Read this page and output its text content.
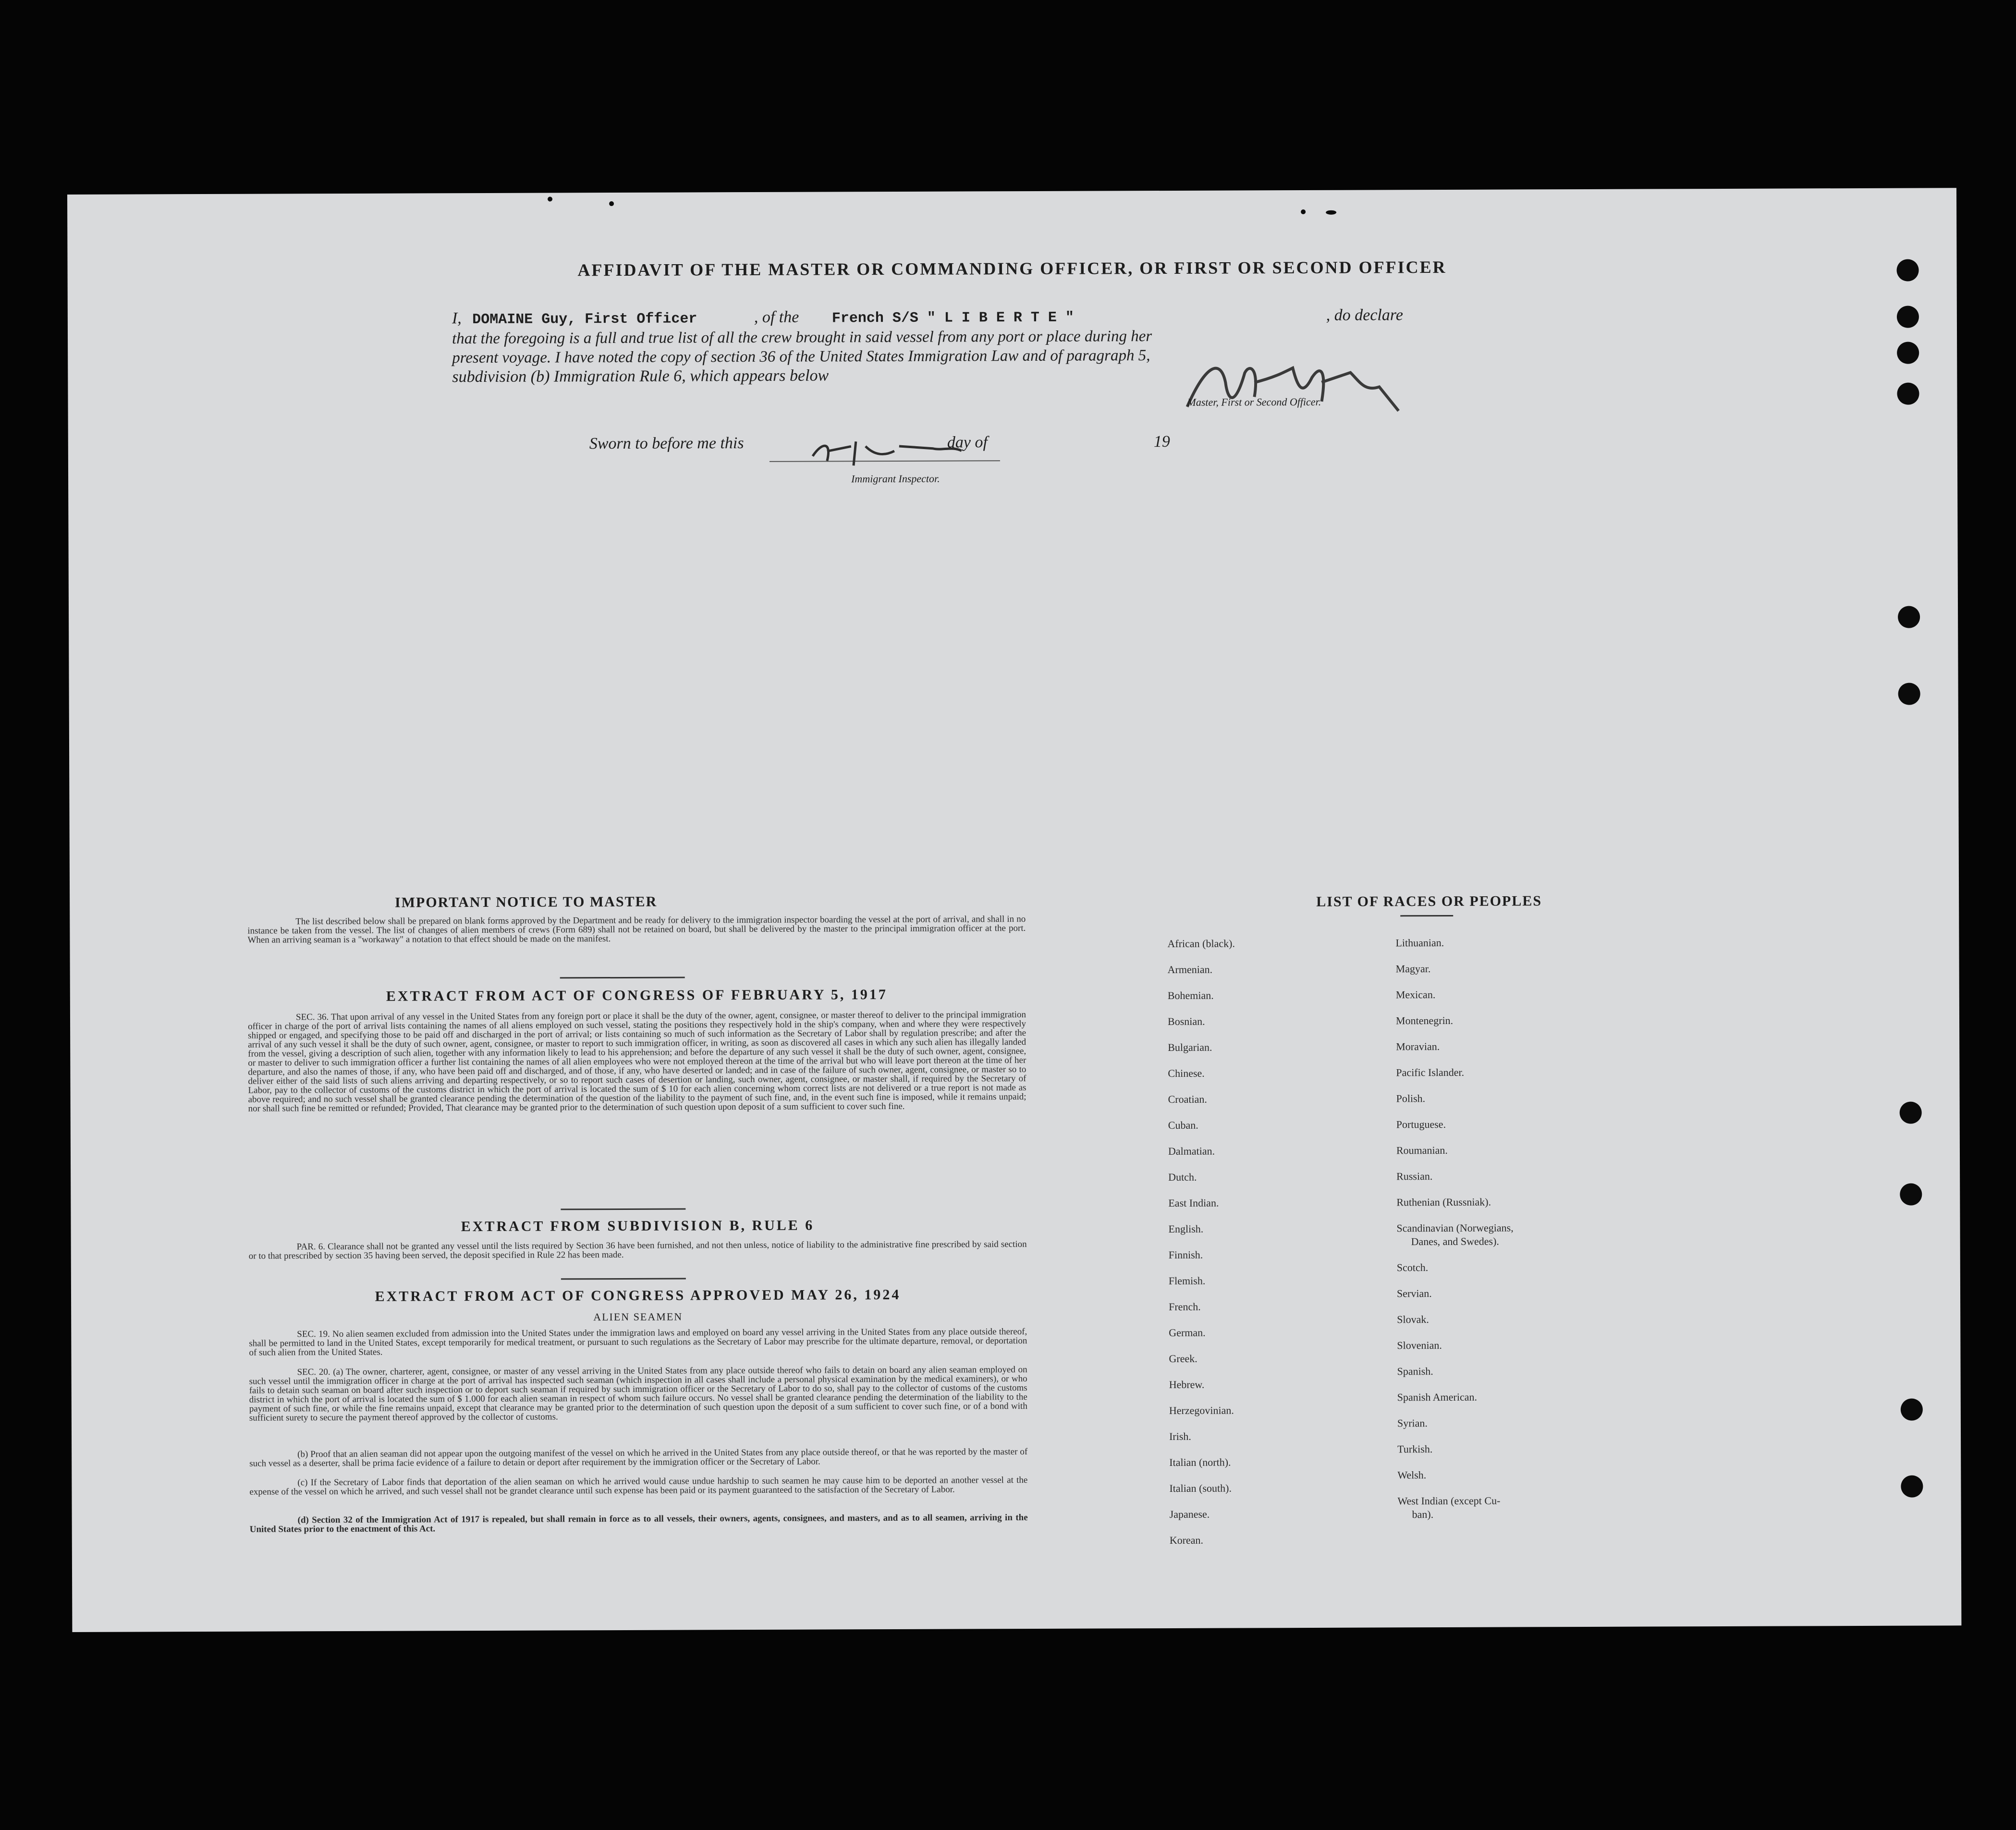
AFFIDAVIT OF THE MASTER OR COMMANDING OFFICER, OR FIRST OR SECOND OFFICER
I, DOMAINE Guy, First Officer	, of the French S/S " L I B E R T E "	, do declare
that the foregoing is a full and true list of all the crew brought in said vessel from any port or place during her
present voyage. I have noted the copy of section 36 of the United States Immigration Law and of paragraph 5,
subdivision (b) Immigration Rule 6, which appears below
Master, First or Second Officer.
Sworn to before me this	day of	19
Immigrant Inspector.
IMPORTANT NOTICE TO MASTER
The list described below shall be prepared on blank forms approved by the Department and be ready for delivery to the immigration inspector boarding the vessel at the port of arrival, and shall in no instance be taken from the vessel. The list of changes of alien members of crews (Form 689) shall not be retained on board, but shall be delivered by the master to the principal immigration officer at the port. When an arriving seaman is a "workaway" a notation to that effect should be made on the manifest.
EXTRACT FROM ACT OF CONGRESS OF FEBRUARY 5, 1917
SEC. 36. That upon arrival of any vessel in the United States from any foreign port or place it shall be the duty of the owner, agent, consignee, or master thereof to deliver to the principal immigration officer in charge of the port of arrival lists containing the names of all aliens employed on such vessel, stating the positions they respectively hold in the ship's company, when and where they were respectively shipped or engaged, and specifying those to be paid off and discharged in the port of arrival; or lists containing so much of such information as the Secretary of Labor shall by regulation prescribe; and after the arrival of any such vessel it shall be the duty of such owner, agent, consignee, or master to report to such immigration officer, in writing, as soon as discovered all cases in which any such alien has illegally landed from the vessel, giving a description of such alien, together with any information likely to lead to his apprehension; and before the departure of any such vessel it shall be the duty of such owner, agent, consignee, or master to deliver to such immigration officer a further list containing the names of all alien employees who were not employed thereon at the time of the arrival but who will leave port thereon at the time of her departure, and also the names of those, if any, who have been paid off and discharged, and of those, if any, who have deserted or landed; and in case of the failure of such owner, agent, consignee, or master so to deliver either of the said lists of such aliens arriving and departing respectively, or so to report such cases of desertion or landing, such owner, agent, consignee, or master shall, if required by the Secretary of Labor, pay to the collector of customs of the customs district in which the port of arrival is located the sum of $ 10 for each alien concerning whom correct lists are not delivered or a true report is not made as above required; and no such vessel shall be granted clearance pending the determination of the question of the liability to the payment of such fine, and, in the event such fine is imposed, while it remains unpaid; nor shall such fine be remitted or refunded; Provided, That clearance may be granted prior to the determination of such question upon deposit of a sum sufficient to cover such fine.
EXTRACT FROM SUBDIVISION B, RULE 6
PAR. 6. Clearance shall not be granted any vessel until the lists required by Section 36 have been furnished, and not then unless, notice of liability to the administrative fine prescribed by said section or to that prescribed by section 35 having been served, the deposit specified in Rule 22 has been made.
EXTRACT FROM ACT OF CONGRESS APPROVED MAY 26, 1924
ALIEN SEAMEN
SEC. 19. No alien seamen excluded from admission into the United States under the immigration laws and employed on board any vessel arriving in the United States from any place outside thereof, shall be permitted to land in the United States, except temporarily for medical treatment, or pursuant to such regulations as the Secretary of Labor may prescribe for the ultimate departure, removal, or deportation of such alien from the United States.
SEC. 20. (a) The owner, charterer, agent, consignee, or master of any vessel arriving in the United States from any place outside thereof who fails to detain on board any alien seaman employed on such vessel until the immigration officer in charge at the port of arrival has inspected such seaman (which inspection in all cases shall include a personal physical examination by the medical examiners), or who fails to detain such seaman on board after such inspection or to deport such seaman if required by such immigration officer or the Secretary of Labor to do so, shall pay to the collector of customs of the customs district in which the port of arrival is located the sum of $ 1.000 for each alien seaman in respect of whom such failure occurs. No vessel shall be granted clearance pending the determination of the liability to the payment of such fine, or while the fine remains unpaid, except that clearance may be granted prior to the determination of such question upon the deposit of a sum sufficient to cover such fine, or of a bond with sufficient surety to secure the payment thereof approved by the collector of customs.
(b) Proof that an alien seaman did not appear upon the outgoing manifest of the vessel on which he arrived in the United States from any place outside thereof, or that he was reported by the master of such vessel as a deserter, shall be prima facie evidence of a failure to detain or deport after requirement by the immigration officer or the Secretary of Labor.
(c) If the Secretary of Labor finds that deportation of the alien seaman on which he arrived would cause undue hardship to such seamen he may cause him to be deported an another vessel at the expense of the vessel on which he arrived, and such vessel shall not be grandet clearance until such expense has been paid or its payment guaranteed to the satisfaction of the Secretary of Labor.
(d) Section 32 of the Immigration Act of 1917 is repealed, but shall remain in force as to all vessels, their owners, agents, consignees, and masters, and as to all seamen, arriving in the United States prior to the enactment of this Act.
LIST OF RACES OR PEOPLES
African (black).
Armenian.
Bohemian.
Bosnian.
Bulgarian.
Chinese.
Croatian.
Cuban.
Dalmatian.
Dutch.
East Indian.
English.
Finnish.
Flemish.
French.
German.
Greek.
Hebrew.
Herzegovinian.
Irish.
Italian (north).
Italian (south).
Japanese.
Korean.
Lithuanian.
Magyar.
Mexican.
Montenegrin.
Moravian.
Pacific Islander.
Polish.
Portuguese.
Roumanian.
Russian.
Ruthenian (Russniak).
Scandinavian (Norwegians,
Danes, and Swedes).
Scotch.
Servian.
Slovak.
Slovenian.
Spanish.
Spanish American.
Syrian.
Turkish.
Welsh.
West Indian (except Cu-
ban).
